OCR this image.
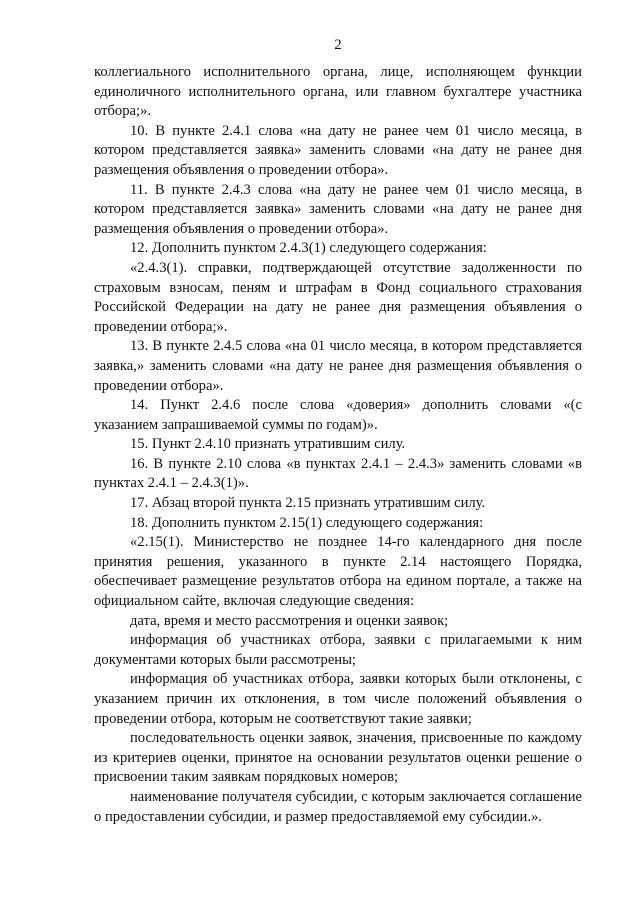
2

коллегиального исполнительного органа, лице, исполняющем функции единоличного исполнительного органа, или главном бухгалтере участника отбора;».

10. В пункте 2.4.1 слова «на дату не ранее чем 01 число месяца, в котором представляется заявка» заменить словами «на дату не ранее дня размещения объявления о проведении отбора».

11. В пункте 2.4.3 слова «на дату не ранее чем 01 число месяца, в котором представляется заявка» заменить словами «на дату не ранее дня размещения объявления о проведении отбора».

12. Дополнить пунктом 2.4.3(1) следующего содержания:

«2.4.3(1). справки, подтверждающей отсутствие задолженности по страховым взносам, пеням и штрафам в Фонд социального страхования Российской Федерации на дату не ранее дня размещения объявления о проведении отбора;».

13. В пункте 2.4.5 слова «на 01 число месяца, в котором представляется заявка,» заменить словами «на дату не ранее дня размещения объявления о проведении отбора».

14. Пункт 2.4.6 после слова «доверия» дополнить словами «(с указанием запрашиваемой суммы по годам)».

15. Пункт 2.4.10 признать утратившим силу.

16. В пункте 2.10 слова «в пунктах 2.4.1 – 2.4.3» заменить словами «в пунктах 2.4.1 – 2.4.3(1)».

17. Абзац второй пункта 2.15 признать утратившим силу.

18. Дополнить пунктом 2.15(1) следующего содержания:

«2.15(1). Министерство не позднее 14-го календарного дня после принятия решения, указанного в пункте 2.14 настоящего Порядка, обеспечивает размещение результатов отбора на едином портале, а также на официальном сайте, включая следующие сведения:

дата, время и место рассмотрения и оценки заявок;

информация об участниках отбора, заявки с прилагаемыми к ним документами которых были рассмотрены;

информация об участниках отбора, заявки которых были отклонены, с указанием причин их отклонения, в том числе положений объявления о проведении отбора, которым не соответствуют такие заявки;

последовательность оценки заявок, значения, присвоенные по каждому из критериев оценки, принятое на основании результатов оценки решение о присвоении таким заявкам порядковых номеров;

наименование получателя субсидии, с которым заключается соглашение о предоставлении субсидии, и размер предоставляемой ему субсидии.».
